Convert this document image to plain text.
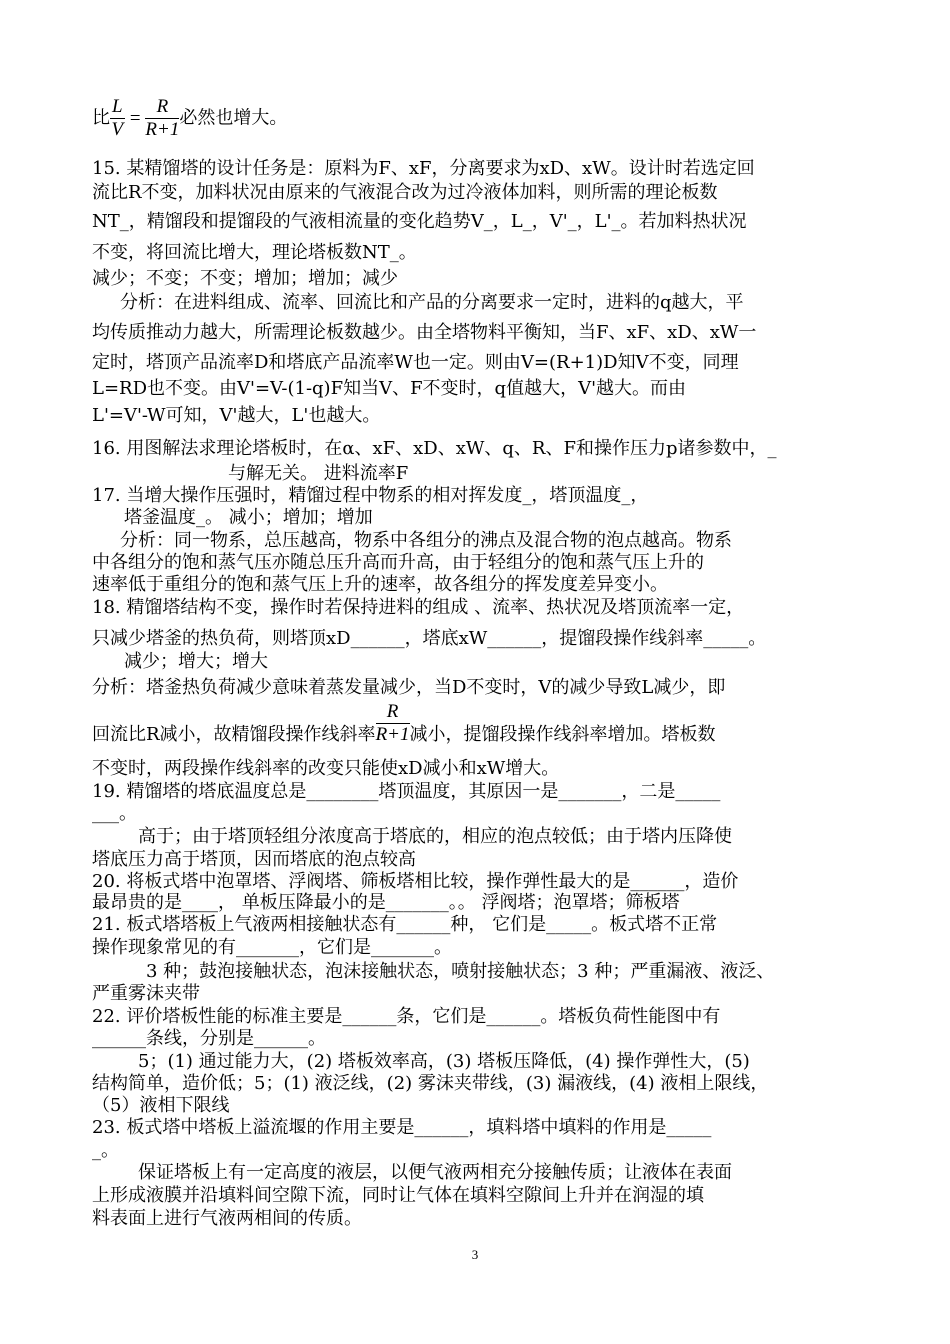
比 $\frac{L}{V} = \frac{R}{R+1}$ 必然也增大。
15. 某精馏塔的设计任务是：原料为F、xF，分离要求为xD、xW。设计时若选定回
流比R不变，加料状况由原来的气液混合改为过冷液体加料，则所需的理论板数
NT_，精馏段和提馏段的气液相流量的变化趋势V_，L_，V'_，L'_。若加料热状况
不变，将回流比增大，理论塔板数NT_。
减少；不变；不变；增加；增加；减少
分析：在进料组成、流率、回流比和产品的分离要求一定时，进料的q越大，平
均传质推动力越大，所需理论板数越少。由全塔物料平衡知，当F、xF、xD、xW一
定时，塔顶产品流率D和塔底产品流率W也一定。则由V=(R+1)D知V不变，同理
L=RD也不变。由V'=V-(1-q)F知当V、F不变时，q值越大，V'越大。而由
L'=V'-W可知，V'越大，L'也越大。
16. 用图解法求理论塔板时，在α、xF、xD、xW、q、R、F和操作压力p诸参数中，_
与解无关。 进料流率F
17. 当增大操作压强时，精馏过程中物系的相对挥发度_，塔顶温度_，
塔釜温度_。 减小；增加；增加
分析：同一物系，总压越高，物系中各组分的沸点及混合物的泡点越高。物系
中各组分的饱和蒸气压亦随总压升高而升高，由于轻组分的饱和蒸气压上升的
速率低于重组分的饱和蒸气压上升的速率，故各组分的挥发度差异变小。
18. 精馏塔结构不变，操作时若保持进料的组成 、流率、热状况及塔顶流率一定，
只减少塔釜的热负荷，则塔顶xD______，塔底xW______，提馏段操作线斜率_____。
减少；增大；增大
分析：塔釜热负荷减少意味着蒸发量减少，当D不变时，V的减少导致L减少，即
回流比R减小，故精馏段操作线斜率 $\frac{R}{R+1}$ 减小，提馏段操作线斜率增加。塔板数
不变时，两段操作线斜率的改变只能使xD减小和xW增大。
19. 精馏塔的塔底温度总是________塔顶温度，其原因一是_______，二是_____
___。
高于；由于塔顶轻组分浓度高于塔底的，相应的泡点较低；由于塔内压降使
塔底压力高于塔顶，因而塔底的泡点较高
20. 将板式塔中泡罩塔、浮阀塔、筛板塔相比较，操作弹性最大的是______，造价
最昂贵的是____， 单板压降最小的是_______。。 浮阀塔；泡罩塔；筛板塔
21. 板式塔塔板上气液两相接触状态有______种， 它们是_____。板式塔不正常
操作现象常见的有_______，它们是_______。
3 种；鼓泡接触状态，泡沫接触状态，喷射接触状态；3 种；严重漏液、液泛、
严重雾沫夹带
22. 评价塔板性能的标准主要是______条，它们是______。塔板负荷性能图中有
______条线，分别是______。
5；(1) 通过能力大，(2) 塔板效率高，(3) 塔板压降低，(4) 操作弹性大，(5)
结构简单，造价低；5；(1) 液泛线，(2) 雾沫夹带线，(3) 漏液线，(4) 液相上限线，
（5）液相下限线
23. 板式塔中塔板上溢流堰的作用主要是______，填料塔中填料的作用是_____
_。
保证塔板上有一定高度的液层，以便气液两相充分接触传质；让液体在表面
上形成液膜并沿填料间空隙下流，同时让气体在填料空隙间上升并在润湿的填
料表面上进行气液两相间的传质。
3
